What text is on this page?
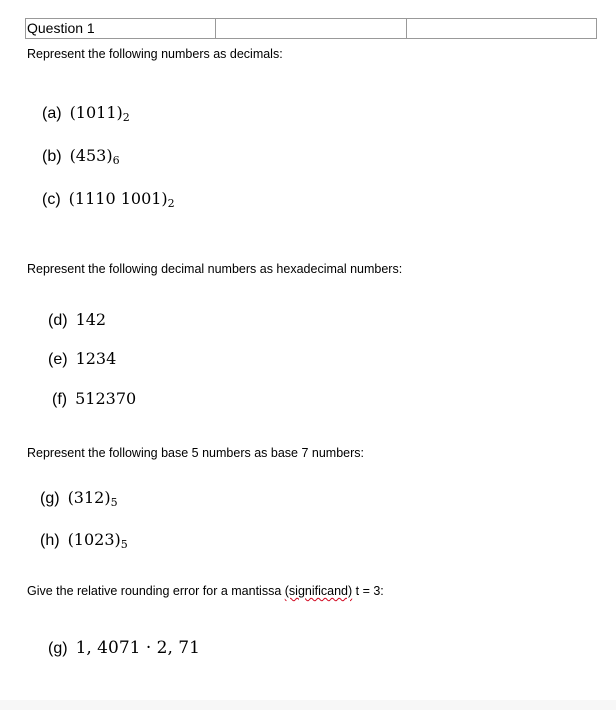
Question 1
Represent the following numbers as decimals:
(a) $(1011)_2$
(b) $(453)_6$
(c) (1110 $1001)_2$
Represent the following decimal numbers as hexadecimal numbers:
(d) 142
(e) 1234
(f) 512370
Represent the following base 5 numbers as base 7 numbers:
(g) $(312)_5$
(h) $(1023)_5$
Give the relative rounding error for a mantissa (significand) t = 3:
(g) 1, 4071 · 2, 71
